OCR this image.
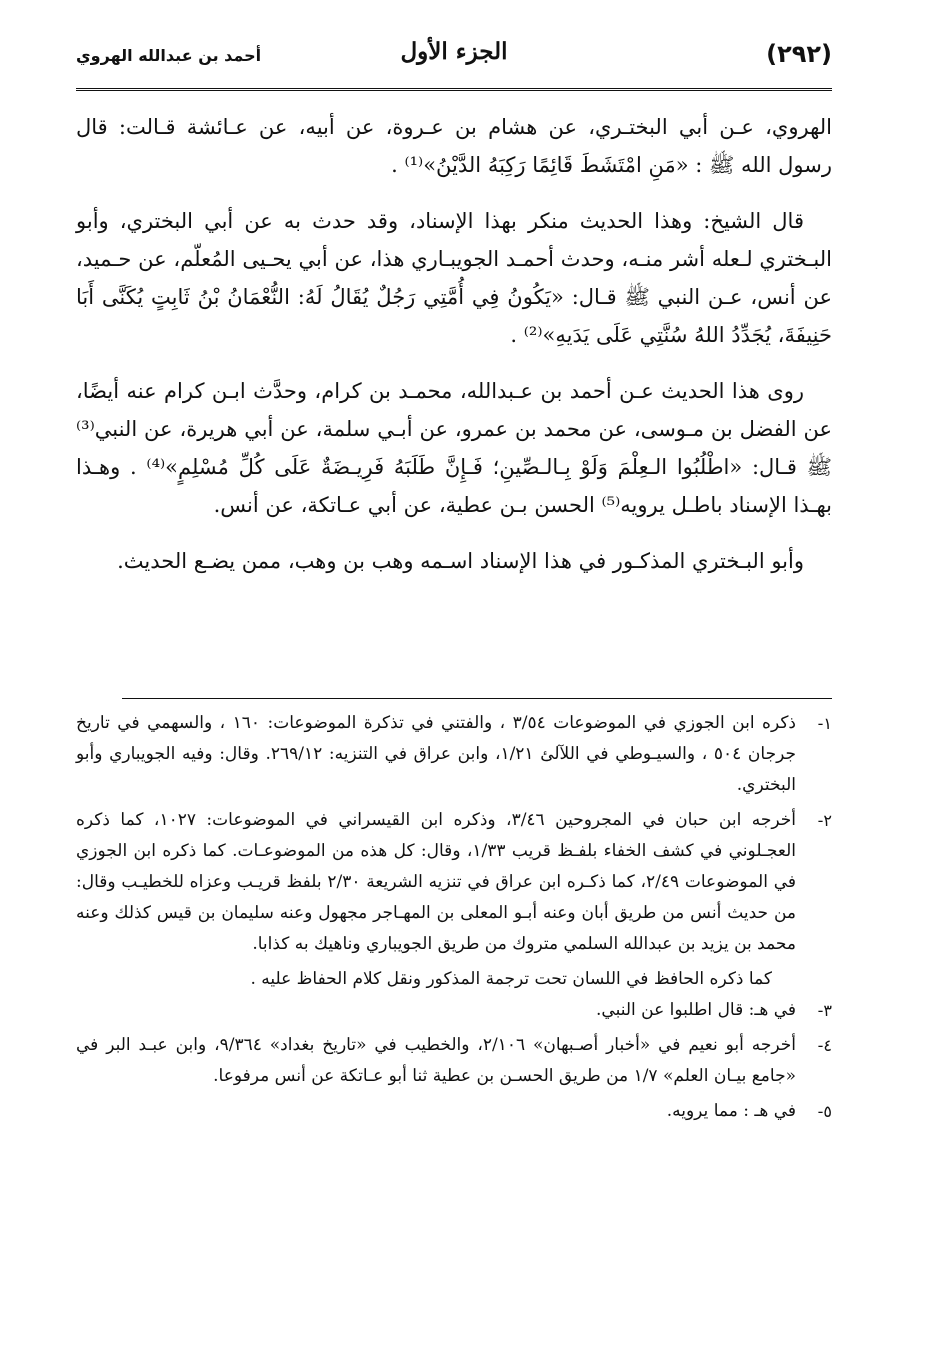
(٢٩٢)
الجزء الأول
أحمد بن عبدالله الهروي

الهروي، عـن أبي البختـري، عن هشام بن عـروة، عن أبيه، عن عـائشة قـالت: قال رسول الله ﷺ : «مَنِ امْتَشَطَ قَائِمًا رَكِبَهُ الدَّيْنُ»⁽¹⁾ .

قال الشيخ: وهذا الحديث منكر بهذا الإسناد، وقد حدث به عن أبي البختري، وأبو البـختري لـعله أشر منـه، وحدث أحمـد الجويبـاري هذا، عن أبي يحـيى المُعلّم، عن حـميد، عن أنس، عـن النبي ﷺ قـال: «يَكُونُ فِي أُمَّتِي رَجُلٌ يُقَالُ لَهُ: النُّعْمَانُ بْنُ ثَابِتٍ يُكَنَّى أَبَا حَنِيفَةَ، يُجَدِّدُ اللهُ سُنَّتِي عَلَى يَدَيهِ»⁽²⁾ .

روى هذا الحديث عـن أحمد بن عـبدالله، محمـد بن كرام، وحدَّث ابـن كرام عنه أيضًا، عن الفضل بن مـوسى، عن محمد بن عمرو، عن أبـي سلمة، عن أبي هريرة، عن النبي⁽³⁾ ﷺ قـال: «اطْلُبُوا الـعِلْمَ وَلَوْ بِـالـصِّينِ؛ فَـإِنَّ طَلَبَهُ فَرِيـضَةٌ عَلَى كُلِّ مُسْلِمٍ»⁽⁴⁾ . وهـذا بهـذا الإسناد باطـل يرويه⁽⁵⁾ الحسن بـن عطية، عن أبي عـاتكة، عن أنس.

وأبو البـختري المذكـور في هذا الإسناد اسـمه وهب بن وهب، ممن يضـع الحديث.

١-
ذكره ابن الجوزي في الموضوعات ٣/٥٤ ، والفتني في تذكرة الموضوعات: ١٦٠ ، والسهمي في تاريخ جرجان ٥٠٤ ، والسيـوطي في اللآلئ ١/٢١، وابن عراق في التنزيه: ٢٦٩/١٢. وقال: وفيه الجويباري وأبو البختري.
٢-
أخرجه ابن حبان في المجروحين ٣/٤٦، وذكره ابن القيسراني في الموضوعات: ١٠٢٧، كما ذكره العجـلوني في كشف الخفاء بلفـظ قريب ١/٣٣، وقال: كل هذه من الموضوعـات. كما ذكره ابن الجوزي في الموضوعات ٢/٤٩، كما ذكـره ابن عراق في تنزيه الشريعة ٢/٣٠ بلفظ قريـب وعزاه للخطيـب وقال: من حديث أنس من طريق أبان وعنه أبـو المعلى بن المهـاجر مجهول وعنه سليمان بن قيس كذلك وعنه محمد بن يزيد بن عبدالله السلمي متروك من طريق الجويباري وناهيك به كذابا.
كما ذكره الحافظ في اللسان تحت ترجمة المذكور ونقل كلام الحفاظ عليه .
٣-
في هـ: قال اطلبوا عن النبي.
٤-
أخرجه أبو نعيم في «أخبار أصـبهان» ٢/١٠٦، والخطيب في «تاريخ بغداد» ٩/٣٦٤، وابن عبـد البر في «جامع بيـان العلم» ١/٧ من طريق الحسـن بن عطية ثنا أبو عـاتكة عن أنس مرفوعا.
٥-
في هـ : مما يرويه.
